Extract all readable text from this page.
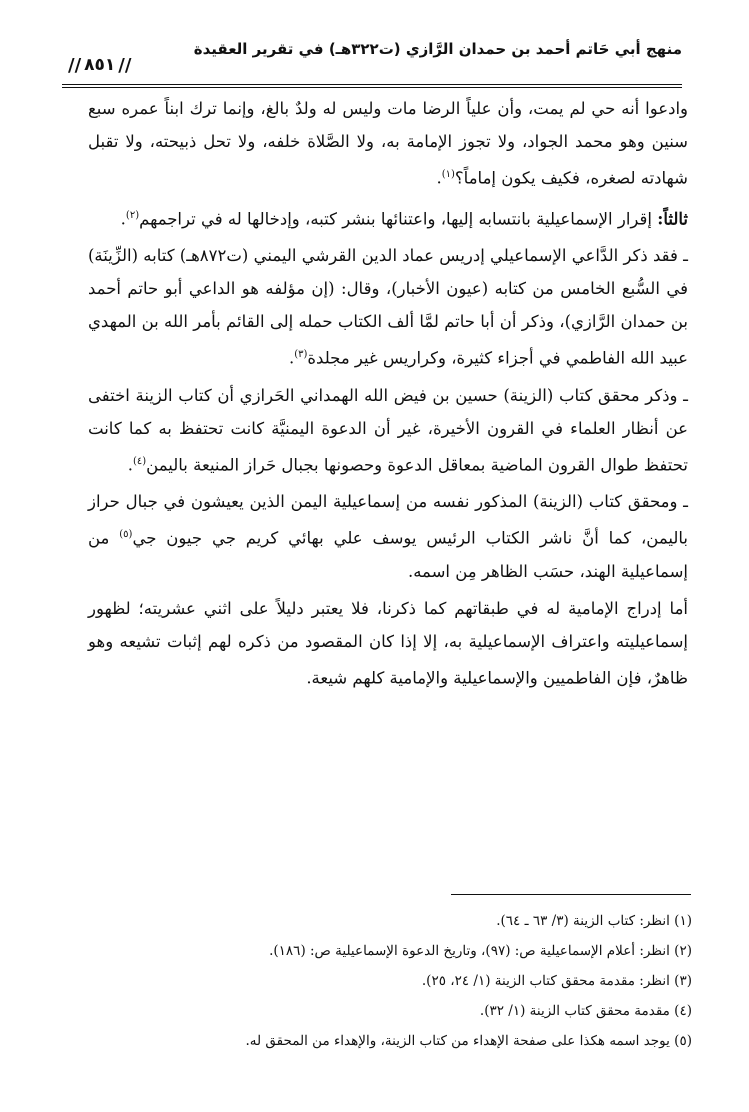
منهج أبي حَاتم أحمد بن حمدان الرَّازي (ت٣٢٢هـ) في تقرير العقيدة
//
٨٥١
//

وادعوا أنه حي لم يمت، وأن علياً الرضا مات وليس له ولدٌ بالغ، وإنما ترك ابناً عمره سبع سنين وهو محمد الجواد، ولا تجوز الإمامة به، ولا الصَّلاة خلفه، ولا تحل ذبيحته، ولا تقبل شهادته لصغره، فكيف يكون إماماً؟$^{(١)}$.

ثالثاً: إقرار الإسماعيلية بانتسابه إليها، واعتنائها بنشر كتبه، وإدخالها له في تراجمهم$^{(٢)}$.

ـ فقد ذكر الدَّاعي الإسماعيلي إدريس عماد الدين القرشي اليمني (ت٨٧٢هـ) كتابه (الزِّينَة) في السُّبع الخامس من كتابه (عيون الأخبار)، وقال: (إن مؤلفه هو الداعي أبو حاتم أحمد بن حمدان الرَّازي)، وذكر أن أبا حاتم لمَّا ألف الكتاب حمله إلى القائم بأمر الله بن المهدي عبيد الله الفاطمي في أجزاء كثيرة، وكراريس غير مجلدة$^{(٣)}$.

ـ وذكر محقق كتاب (الزينة) حسين بن فيض الله الهمداني الحَرازي أن كتاب الزينة اختفى عن أنظار العلماء في القرون الأخيرة، غير أن الدعوة اليمنيَّة كانت تحتفظ به كما كانت تحتفظ طوال القرون الماضية بمعاقل الدعوة وحصونها بجبال حَراز المنيعة باليمن$^{(٤)}$.

ـ ومحقق كتاب (الزينة) المذكور نفسه من إسماعيلية اليمن الذين يعيشون في جبال حراز باليمن، كما أنَّ ناشر الكتاب الرئيس يوسف علي بهائي كريم جي جيون جي$^{(٥)}$ من إسماعيلية الهند، حسَب الظاهر مِن اسمه.

أما إدراج الإمامية له في طبقاتهم كما ذكرنا، فلا يعتبر دليلاً على اثني عشريته؛ لظهور إسماعيليته واعتراف الإسماعيلية به، إلا إذا كان المقصود من ذكره لهم إثبات تشيعه وهو ظاهرٌ، فإن الفاطميين والإسماعيلية والإمامية كلهم شيعة.

(١) انظر: كتاب الزينة (٣/ ٦٣ ـ ٦٤).
(٢) انظر: أعلام الإسماعيلية ص: (٩٧)، وتاريخ الدعوة الإسماعيلية ص: (١٨٦).
(٣) انظر: مقدمة محقق كتاب الزينة (١/ ٢٤، ٢٥).
(٤) مقدمة محقق كتاب الزينة (١/ ٣٢).
(٥) يوجد اسمه هكذا على صفحة الإهداء من كتاب الزينة، والإهداء من المحقق له.
